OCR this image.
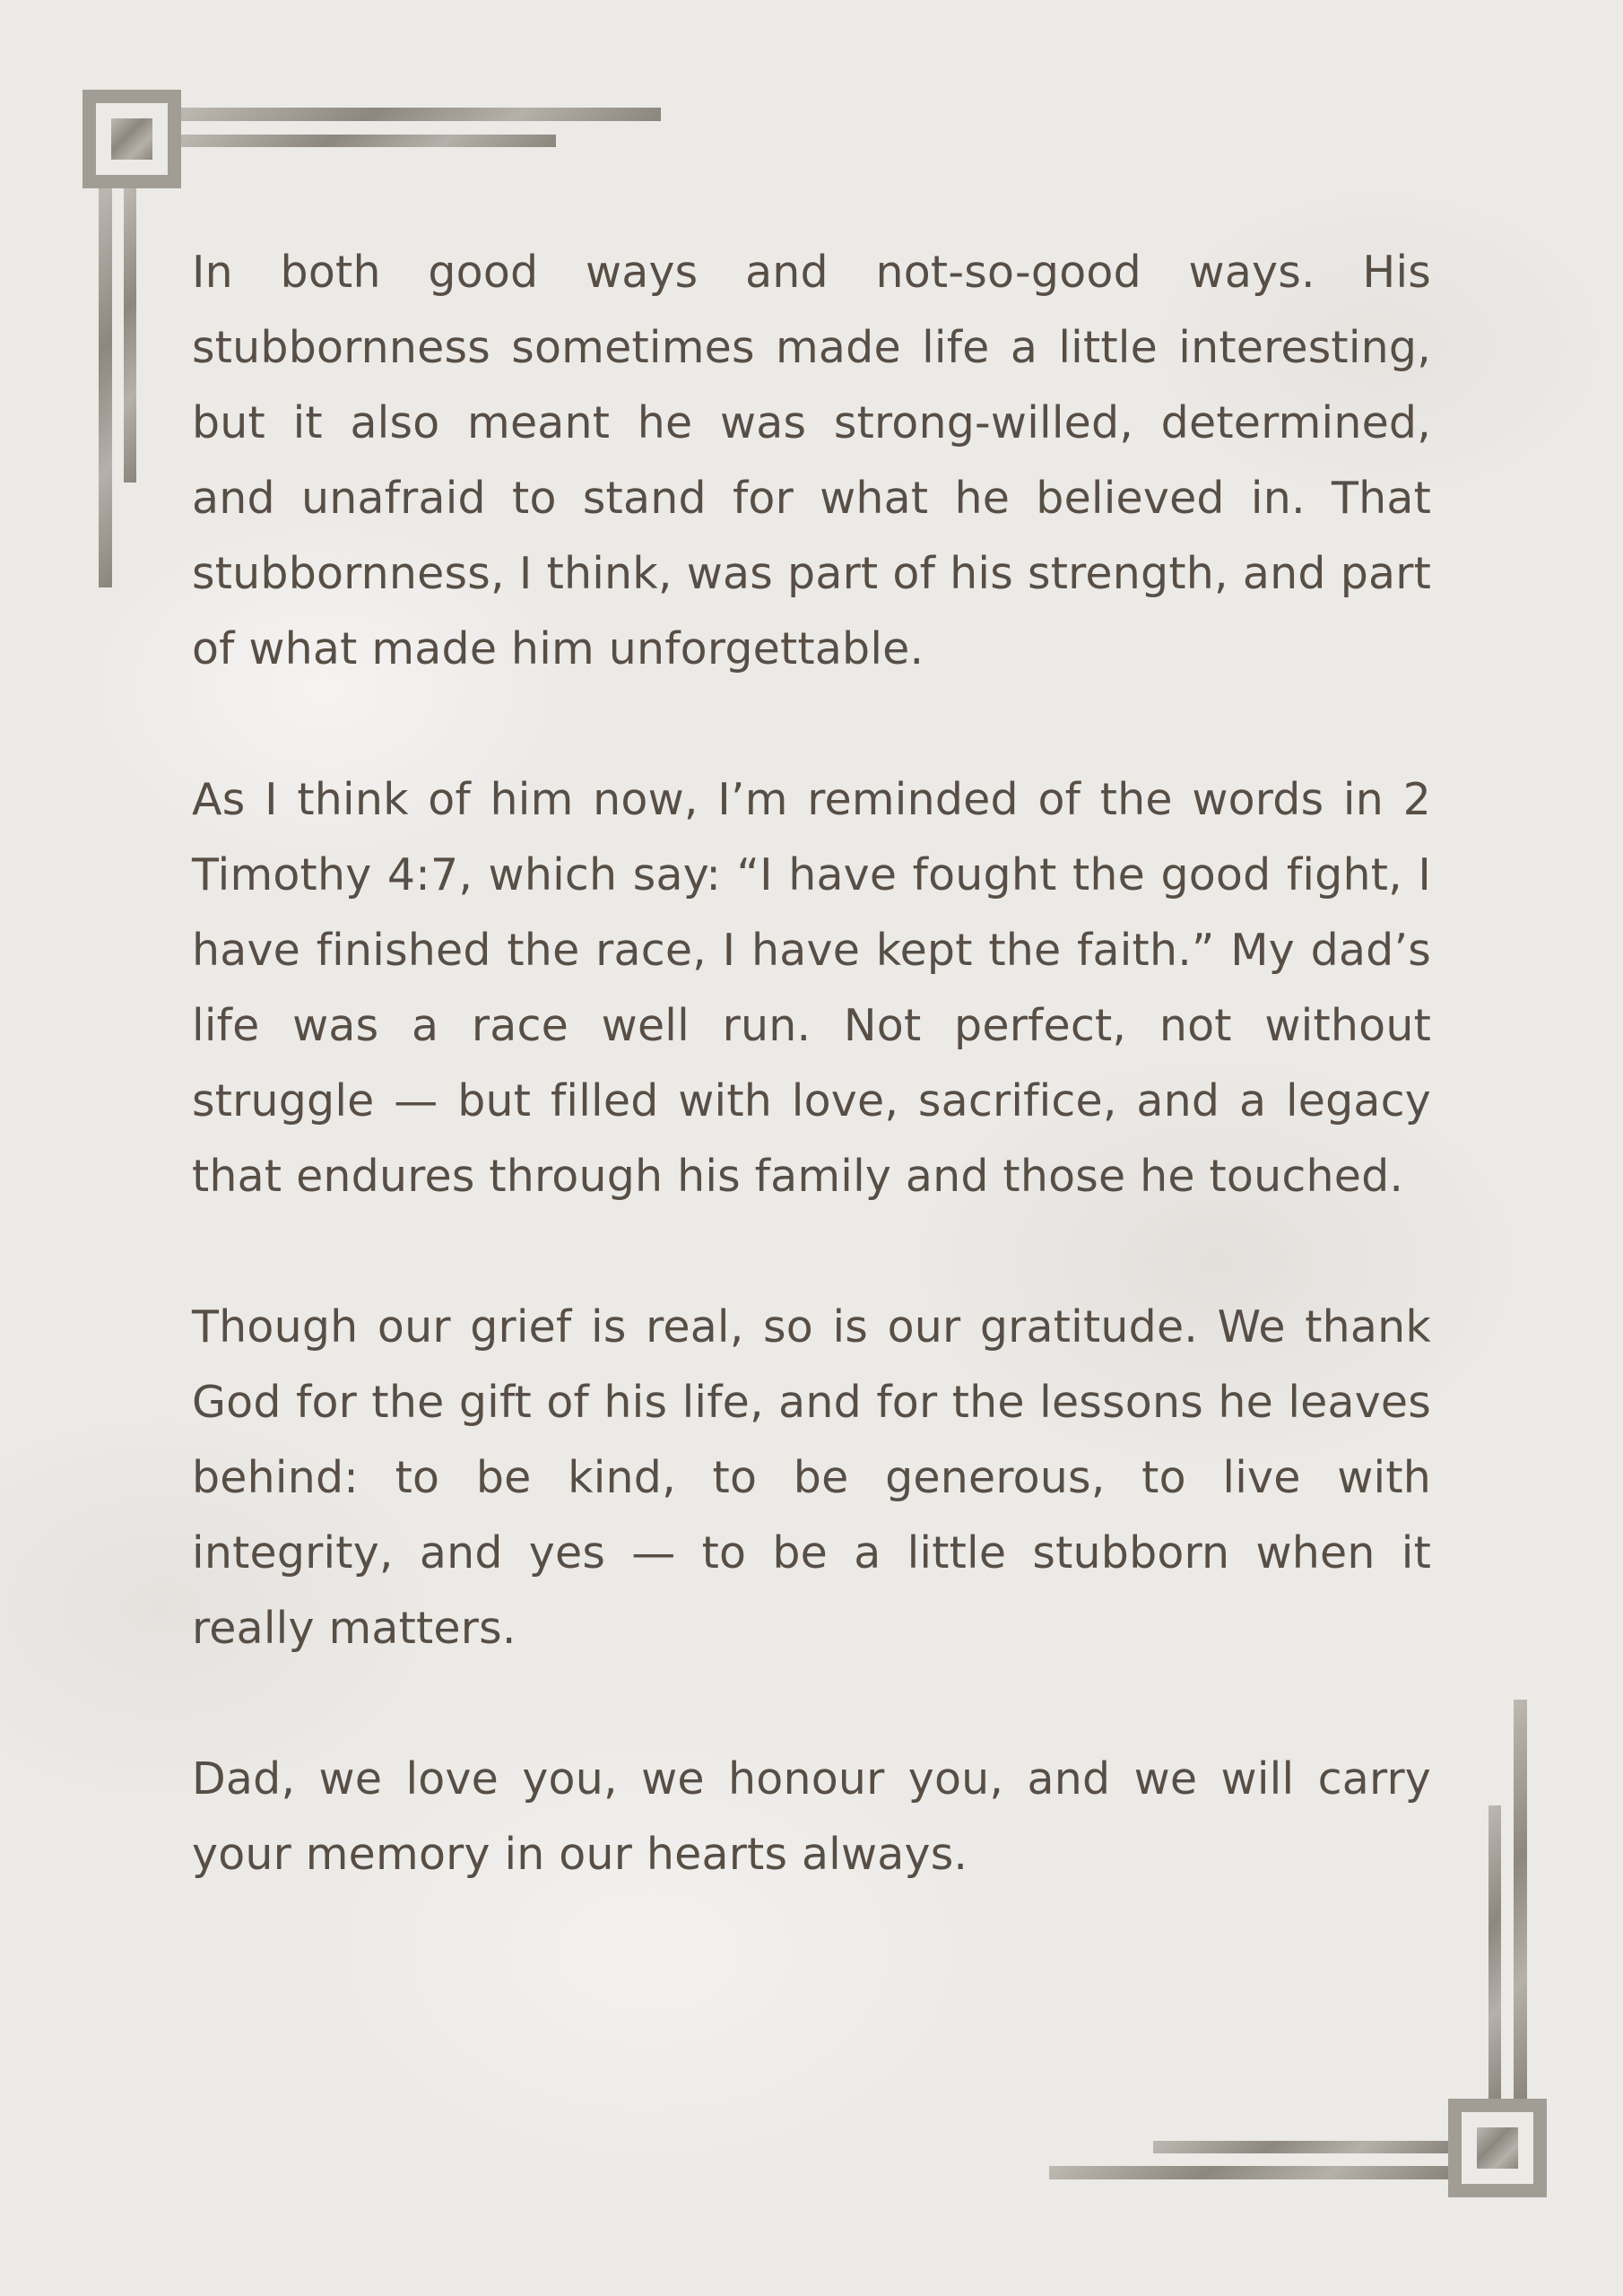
In both good ways and not-so-good ways. His stubbornness sometimes made life a little interesting, but it also meant he was strong-willed, determined, and unafraid to stand for what he believed in. That stubbornness, I think, was part of his strength, and part of what made him unforgettable.

As I think of him now, I’m reminded of the words in 2 Timothy 4:7, which say: “I have fought the good fight, I have finished the race, I have kept the faith.” My dad’s life was a race well run. Not perfect, not without struggle — but filled with love, sacrifice, and a legacy that endures through his family and those he touched.

Though our grief is real, so is our gratitude. We thank God for the gift of his life, and for the lessons he leaves behind: to be kind, to be generous, to live with integrity, and yes — to be a little stubborn when it really matters.

Dad, we love you, we honour you, and we will carry your memory in our hearts always.
